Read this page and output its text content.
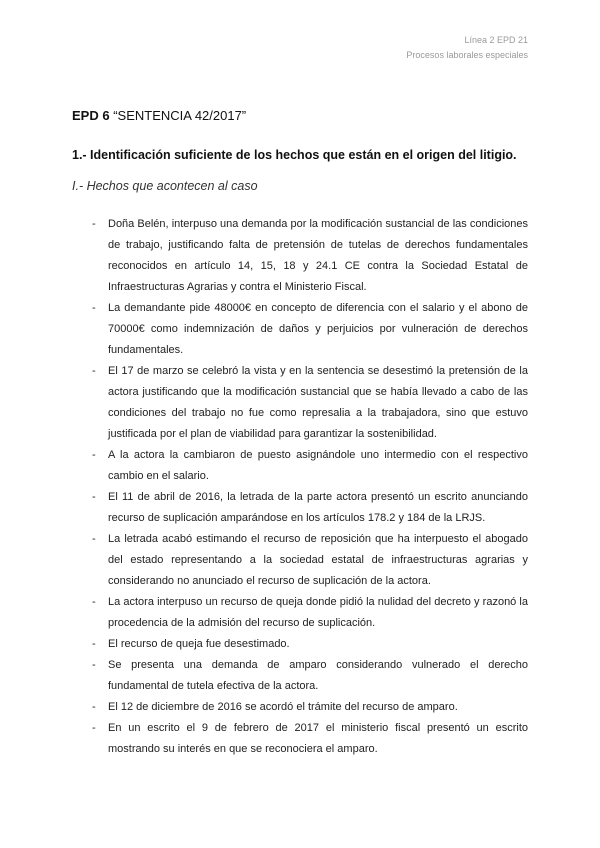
Línea 2 EPD 21
Procesos laborales especiales
EPD 6 “SENTENCIA 42/2017”
1.- Identificación suficiente de los hechos que están en el origen del litigio.
I.- Hechos que acontecen al caso
- Doña Belén, interpuso una demanda por la modificación sustancial de las condiciones de trabajo, justificando falta de pretensión de tutelas de derechos fundamentales reconocidos en artículo 14, 15, 18 y 24.1 CE contra la Sociedad Estatal de Infraestructuras Agrarias y contra el Ministerio Fiscal.
- La demandante pide 48000€ en concepto de diferencia con el salario y el abono de 70000€ como indemnización de daños y perjuicios por vulneración de derechos fundamentales.
- El 17 de marzo se celebró la vista y en la sentencia se desestimó la pretensión de la actora justificando que la modificación sustancial que se había llevado a cabo de las condiciones del trabajo no fue como represalia a la trabajadora, sino que estuvo justificada por el plan de viabilidad para garantizar la sostenibilidad.
- A la actora la cambiaron de puesto asignándole uno intermedio con el respectivo cambio en el salario.
- El 11 de abril de 2016, la letrada de la parte actora presentó un escrito anunciando recurso de suplicación amparándose en los artículos 178.2 y 184 de la LRJS.
- La letrada acabó estimando el recurso de reposición que ha interpuesto el abogado del estado representando a la sociedad estatal de infraestructuras agrarias y considerando no anunciado el recurso de suplicación de la actora.
- La actora interpuso un recurso de queja donde pidió la nulidad del decreto y razonó la procedencia de la admisión del recurso de suplicación.
- El recurso de queja fue desestimado.
- Se presenta una demanda de amparo considerando vulnerado el derecho fundamental de tutela efectiva de la actora.
- El 12 de diciembre de 2016 se acordó el trámite del recurso de amparo.
- En un escrito el 9 de febrero de 2017 el ministerio fiscal presentó un escrito mostrando su interés en que se reconociera el amparo.
